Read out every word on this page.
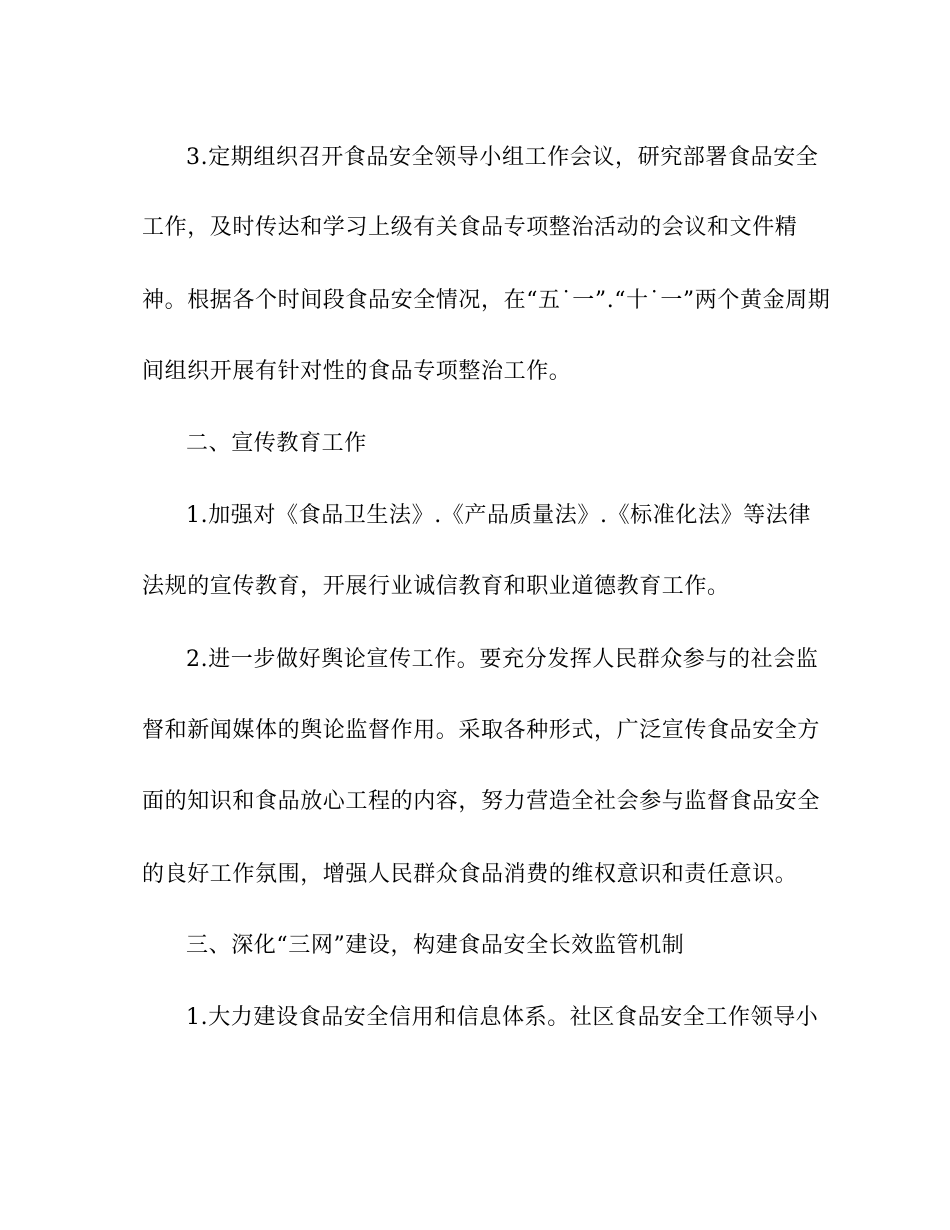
3.定期组织召开食品安全领导小组工作会议，研究部署食品安全

工作，及时传达和学习上级有关食品专项整治活动的会议和文件精

神。根据各个时间段食品安全情况，在“五˙一”.“十˙一”两个黄金周期

间组织开展有针对性的食品专项整治工作。

二、宣传教育工作

1.加强对《食品卫生法》.《产品质量法》.《标准化法》等法律

法规的宣传教育，开展行业诚信教育和职业道德教育工作。

2.进一步做好舆论宣传工作。要充分发挥人民群众参与的社会监

督和新闻媒体的舆论监督作用。采取各种形式，广泛宣传食品安全方

面的知识和食品放心工程的内容，努力营造全社会参与监督食品安全

的良好工作氛围，增强人民群众食品消费的维权意识和责任意识。

三、深化“三网”建设，构建食品安全长效监管机制

1.大力建设食品安全信用和信息体系。社区食品安全工作领导小
